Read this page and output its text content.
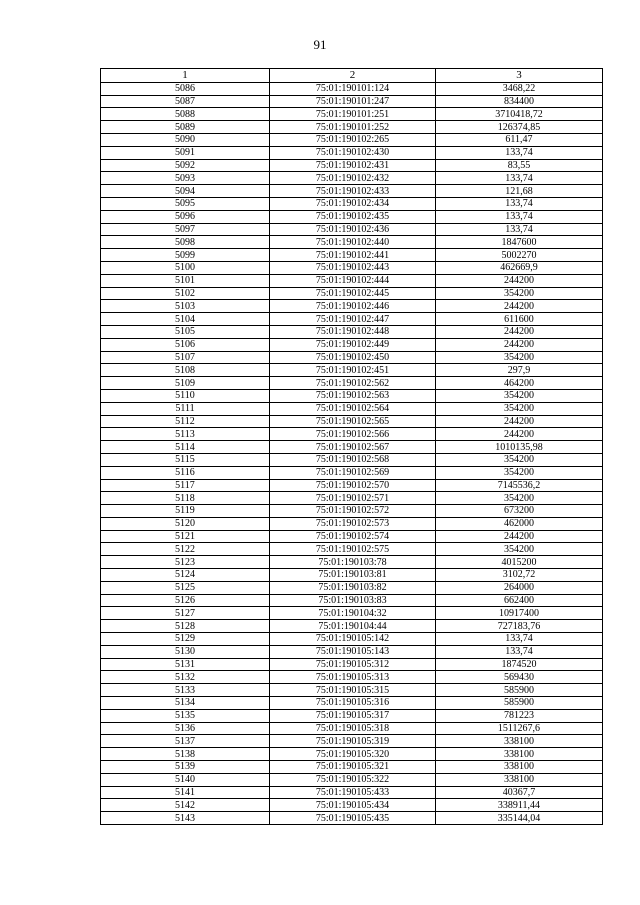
91
1	2	3
5086	75:01:190101:124	3468,22
5087	75:01:190101:247	834400
5088	75:01:190101:251	3710418,72
5089	75:01:190101:252	126374,85
5090	75:01:190102:265	611,47
5091	75:01:190102:430	133,74
5092	75:01:190102:431	83,55
5093	75:01:190102:432	133,74
5094	75:01:190102:433	121,68
5095	75:01:190102:434	133,74
5096	75:01:190102:435	133,74
5097	75:01:190102:436	133,74
5098	75:01:190102:440	1847600
5099	75:01:190102:441	5002270
5100	75:01:190102:443	462669,9
5101	75:01:190102:444	244200
5102	75:01:190102:445	354200
5103	75:01:190102:446	244200
5104	75:01:190102:447	611600
5105	75:01:190102:448	244200
5106	75:01:190102:449	244200
5107	75:01:190102:450	354200
5108	75:01:190102:451	297,9
5109	75:01:190102:562	464200
5110	75:01:190102:563	354200
5111	75:01:190102:564	354200
5112	75:01:190102:565	244200
5113	75:01:190102:566	244200
5114	75:01:190102:567	1010135,98
5115	75:01:190102:568	354200
5116	75:01:190102:569	354200
5117	75:01:190102:570	7145536,2
5118	75:01:190102:571	354200
5119	75:01:190102:572	673200
5120	75:01:190102:573	462000
5121	75:01:190102:574	244200
5122	75:01:190102:575	354200
5123	75:01:190103:78	4015200
5124	75:01:190103:81	3102,72
5125	75:01:190103:82	264000
5126	75:01:190103:83	662400
5127	75:01:190104:32	10917400
5128	75:01:190104:44	727183,76
5129	75:01:190105:142	133,74
5130	75:01:190105:143	133,74
5131	75:01:190105:312	1874520
5132	75:01:190105:313	569430
5133	75:01:190105:315	585900
5134	75:01:190105:316	585900
5135	75:01:190105:317	781223
5136	75:01:190105:318	1511267,6
5137	75:01:190105:319	338100
5138	75:01:190105:320	338100
5139	75:01:190105:321	338100
5140	75:01:190105:322	338100
5141	75:01:190105:433	40367,7
5142	75:01:190105:434	338911,44
5143	75:01:190105:435	335144,04
